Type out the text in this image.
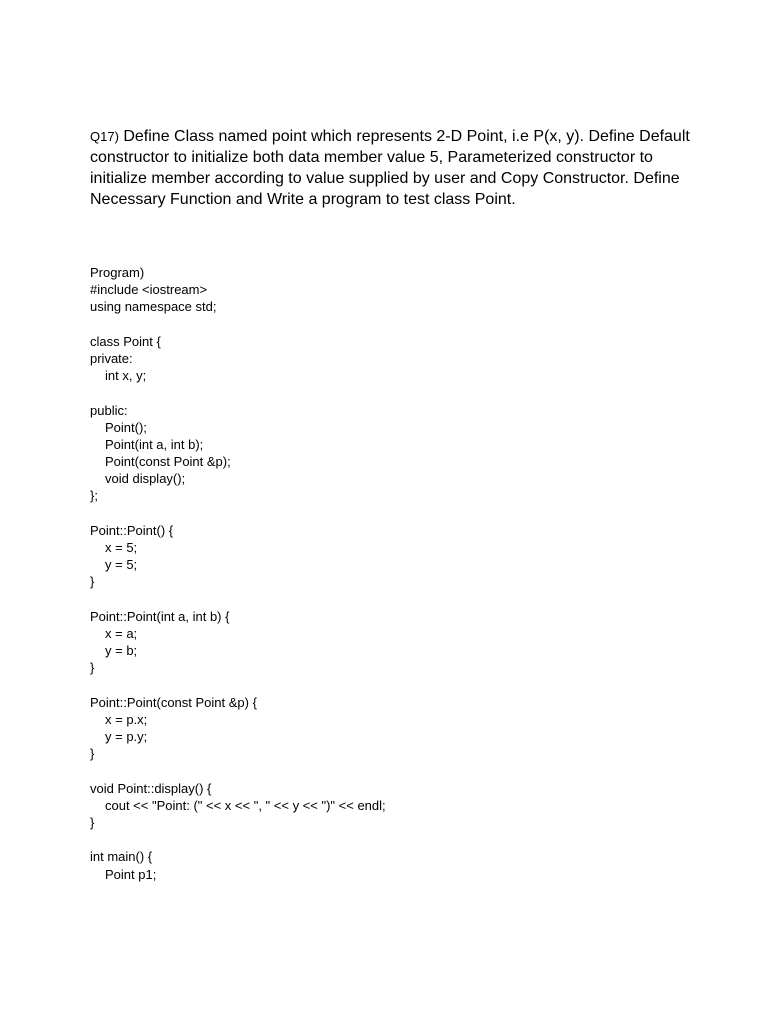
Q17) Define Class named point which represents 2-D Point, i.e P(x, y). Define Default constructor to initialize both data member value 5, Parameterized constructor to initialize member according to value supplied by user and Copy Constructor. Define Necessary Function and Write a program to test class Point.

Program)
#include <iostream>
using namespace std;
class Point {
private:
int x, y;
public:
Point();
Point(int a, int b);
Point(const Point &p);
void display();
};
Point::Point() {
x = 5;
y = 5;
}
Point::Point(int a, int b) {
x = a;
y = b;
}
Point::Point(const Point &p) {
x = p.x;
y = p.y;
}
void Point::display() {
cout << "Point: (" << x << ", " << y << ")" << endl;
}
int main() {
Point p1;
